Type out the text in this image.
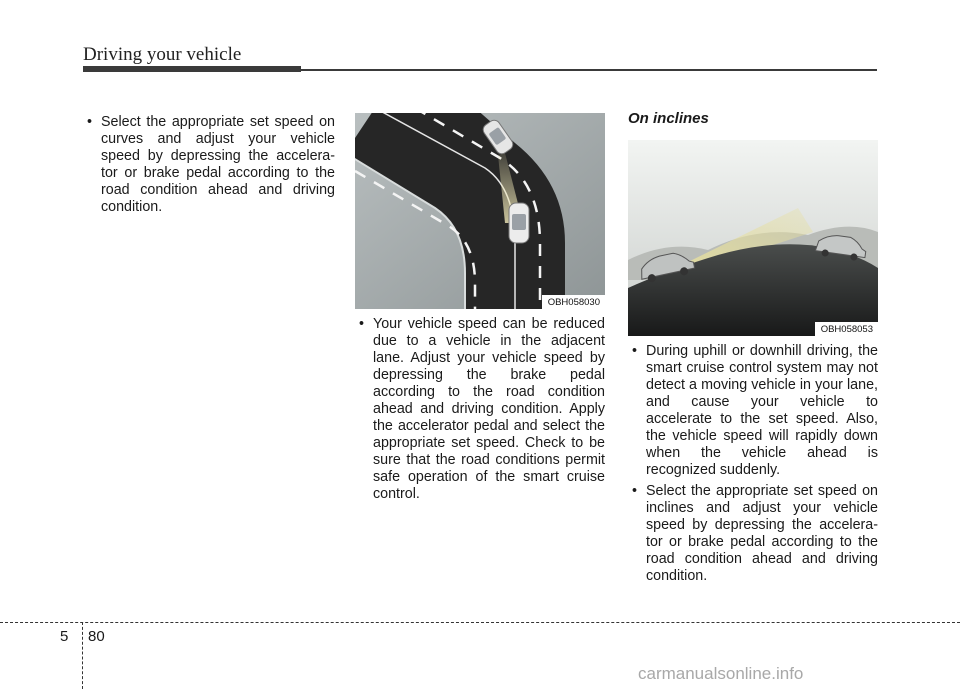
Driving your vehicle
• Select the appropriate set speed on curves and adjust your vehicle speed by depressing the accelera-tor or brake pedal according to the road condition ahead and driving condition.
OBH058030
• Your vehicle speed can be reduced due to a vehicle in the adjacent lane. Adjust your vehicle speed by depressing the brake pedal according to the road condition ahead and driving condition. Apply the accelerator pedal and select the appropriate set speed. Check to be sure that the road conditions permit safe operation of the smart cruise control.
On inclines
OBH058053
• During uphill or downhill driving, the smart cruise control system may not detect a moving vehicle in your lane, and cause your vehicle to accelerate to the set speed. Also, the vehicle speed will rapidly down when the vehicle ahead is recognized suddenly.
• Select the appropriate set speed on inclines and adjust your vehicle speed by depressing the accelera-tor or brake pedal according to the road condition ahead and driving condition.
5 80
carmanualsonline.info
